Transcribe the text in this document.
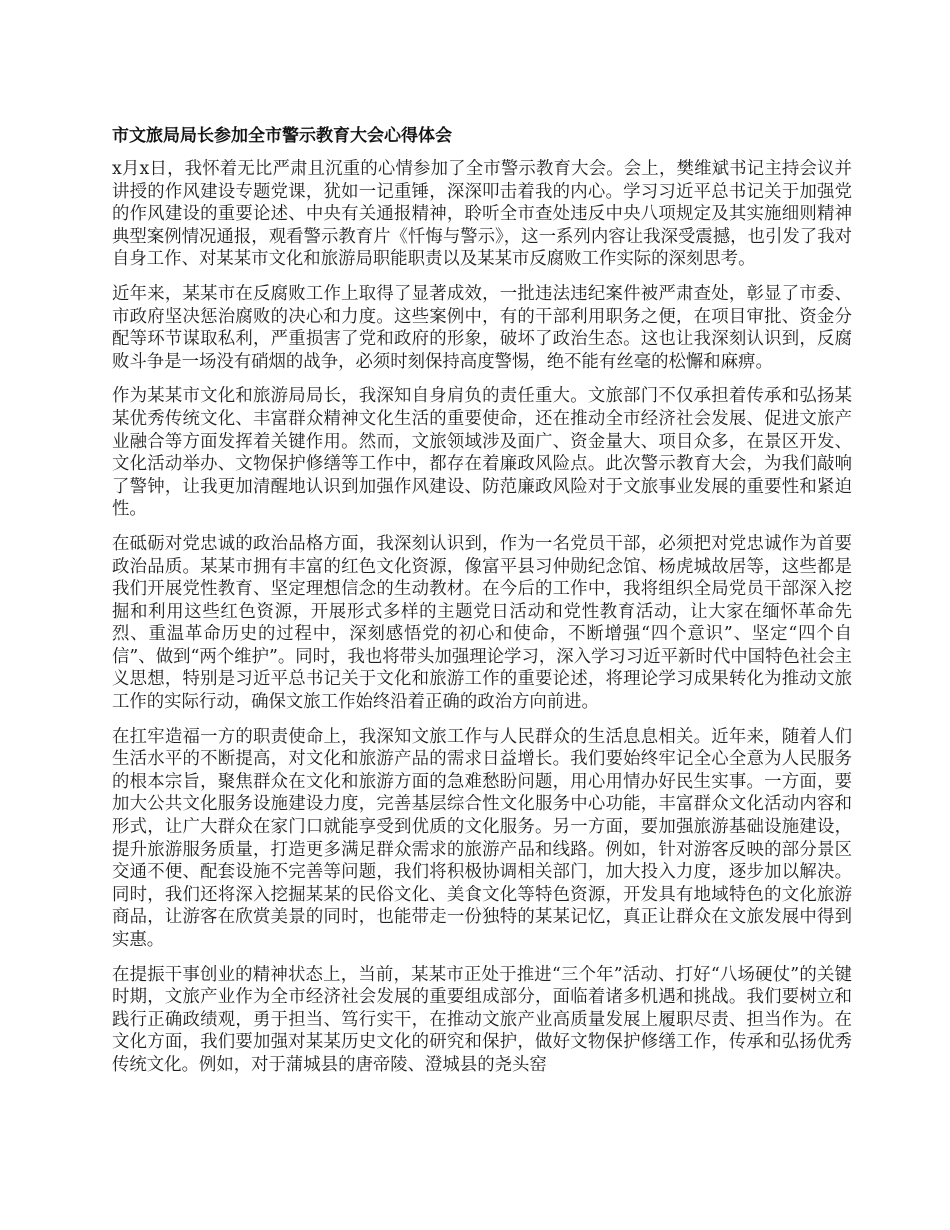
市文旅局局长参加全市警示教育大会心得体会

x月x日，我怀着无比严肃且沉重的心情参加了全市警示教育大会。会上，樊维斌书记主持会议并讲授的作风建设专题党课，犹如一记重锤，深深叩击着我的内心。学习习近平总书记关于加强党的作风建设的重要论述、中央有关通报精神，聆听全市查处违反中央八项规定及其实施细则精神典型案例情况通报，观看警示教育片《忏悔与警示》，这一系列内容让我深受震撼，也引发了我对自身工作、对某某市文化和旅游局职能职责以及某某市反腐败工作实际的深刻思考。

近年来，某某市在反腐败工作上取得了显著成效，一批违法违纪案件被严肃查处，彰显了市委、市政府坚决惩治腐败的决心和力度。这些案例中，有的干部利用职务之便，在项目审批、资金分配等环节谋取私利，严重损害了党和政府的形象，破坏了政治生态。这也让我深刻认识到，反腐败斗争是一场没有硝烟的战争，必须时刻保持高度警惕，绝不能有丝毫的松懈和麻痹。

作为某某市文化和旅游局局长，我深知自身肩负的责任重大。文旅部门不仅承担着传承和弘扬某某优秀传统文化、丰富群众精神文化生活的重要使命，还在推动全市经济社会发展、促进文旅产业融合等方面发挥着关键作用。然而，文旅领域涉及面广、资金量大、项目众多，在景区开发、文化活动举办、文物保护修缮等工作中，都存在着廉政风险点。此次警示教育大会，为我们敲响了警钟，让我更加清醒地认识到加强作风建设、防范廉政风险对于文旅事业发展的重要性和紧迫性。

在砥砺对党忠诚的政治品格方面，我深刻认识到，作为一名党员干部，必须把对党忠诚作为首要政治品质。某某市拥有丰富的红色文化资源，像富平县习仲勋纪念馆、杨虎城故居等，这些都是我们开展党性教育、坚定理想信念的生动教材。在今后的工作中，我将组织全局党员干部深入挖掘和利用这些红色资源，开展形式多样的主题党日活动和党性教育活动，让大家在缅怀革命先烈、重温革命历史的过程中，深刻感悟党的初心和使命，不断增强“四个意识”、坚定“四个自信”、做到“两个维护”。同时，我也将带头加强理论学习，深入学习习近平新时代中国特色社会主义思想，特别是习近平总书记关于文化和旅游工作的重要论述，将理论学习成果转化为推动文旅工作的实际行动，确保文旅工作始终沿着正确的政治方向前进。

在扛牢造福一方的职责使命上，我深知文旅工作与人民群众的生活息息相关。近年来，随着人们生活水平的不断提高，对文化和旅游产品的需求日益增长。我们要始终牢记全心全意为人民服务的根本宗旨，聚焦群众在文化和旅游方面的急难愁盼问题，用心用情办好民生实事。一方面，要加大公共文化服务设施建设力度，完善基层综合性文化服务中心功能，丰富群众文化活动内容和形式，让广大群众在家门口就能享受到优质的文化服务。另一方面，要加强旅游基础设施建设，提升旅游服务质量，打造更多满足群众需求的旅游产品和线路。例如，针对游客反映的部分景区交通不便、配套设施不完善等问题，我们将积极协调相关部门，加大投入力度，逐步加以解决。同时，我们还将深入挖掘某某的民俗文化、美食文化等特色资源，开发具有地域特色的文化旅游商品，让游客在欣赏美景的同时，也能带走一份独特的某某记忆，真正让群众在文旅发展中得到实惠。

在提振干事创业的精神状态上，当前，某某市正处于推进“三个年”活动、打好“八场硬仗”的关键时期，文旅产业作为全市经济社会发展的重要组成部分，面临着诸多机遇和挑战。我们要树立和践行正确政绩观，勇于担当、笃行实干，在推动文旅产业高质量发展上履职尽责、担当作为。在文化方面，我们要加强对某某历史文化的研究和保护，做好文物保护修缮工作，传承和弘扬优秀传统文化。例如，对于蒲城县的唐帝陵、澄城县的尧头窑
